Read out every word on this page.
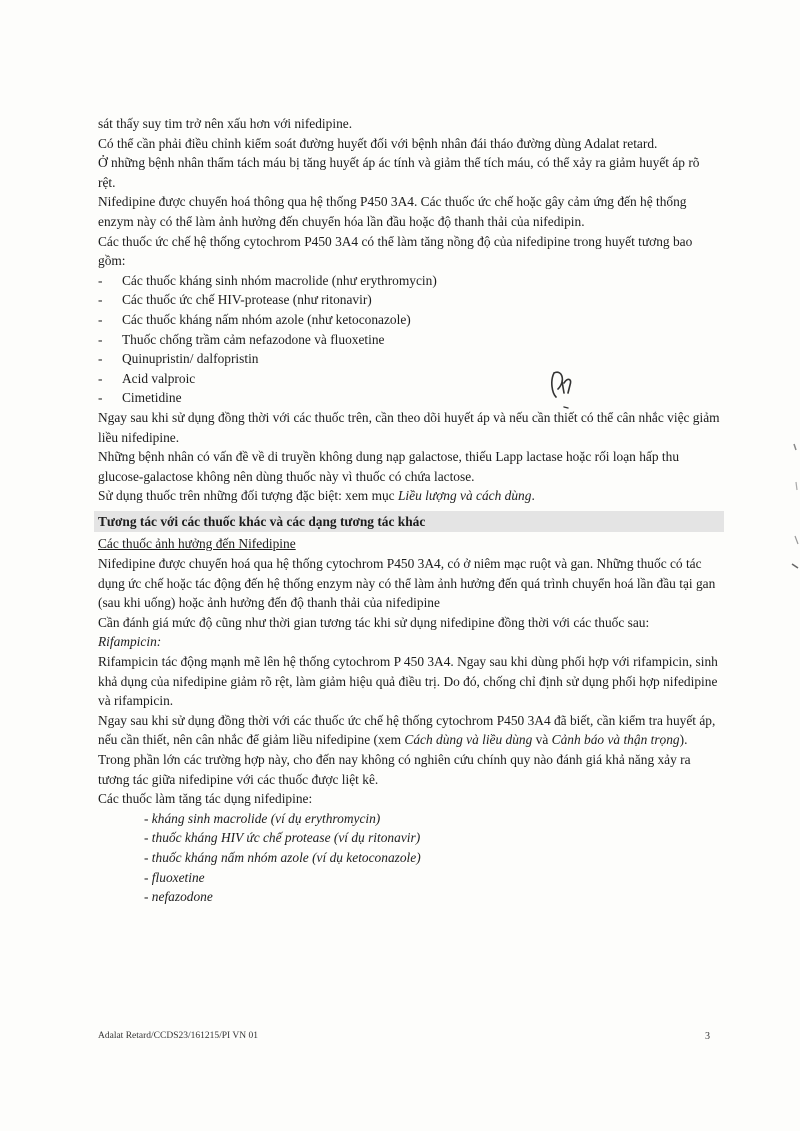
sát thấy suy tim trở nên xấu hơn với nifedipine.

Có thể cần phải điều chỉnh kiểm soát đường huyết đối với bệnh nhân đái tháo đường dùng Adalat retard.

Ở những bệnh nhân thẩm tách máu bị tăng huyết áp ác tính và giảm thể tích máu, có thể xảy ra giảm huyết áp rõ rệt.

Nifedipine được chuyển hoá thông qua hệ thống P450 3A4. Các thuốc ức chế hoặc gây cảm ứng đến hệ thống enzym này có thể làm ảnh hưởng đến chuyển hóa lần đầu hoặc độ thanh thải của nifedipin.

Các thuốc ức chế hệ thống cytochrom P450 3A4 có thể làm tăng nồng độ của nifedipine trong huyết tương bao gồm:

- Các thuốc kháng sinh nhóm macrolide (như erythromycin)
- Các thuốc ức chế HIV-protease (như ritonavir)
- Các thuốc kháng nấm nhóm azole (như ketoconazole)
- Thuốc chống trầm cảm nefazodone và fluoxetine
- Quinupristin/ dalfopristin
- Acid valproic
- Cimetidine

Ngay sau khi sử dụng đồng thời với các thuốc trên, cần theo dõi huyết áp và nếu cần thiết có thể cân nhắc việc giảm liều nifedipine.

Những bệnh nhân có vấn đề về di truyền không dung nạp galactose, thiếu Lapp lactase hoặc rối loạn hấp thu glucose-galactose không nên dùng thuốc này vì thuốc có chứa lactose.

Sử dụng thuốc trên những đối tượng đặc biệt: xem mục Liều lượng và cách dùng.

Tương tác với các thuốc khác và các dạng tương tác khác

Các thuốc ảnh hưởng đến Nifedipine

Nifedipine được chuyển hoá qua hệ thống cytochrom P450 3A4, có ở niêm mạc ruột và gan. Những thuốc có tác dụng ức chế hoặc tác động đến hệ thống enzym này có thể làm ảnh hưởng đến quá trình chuyển hoá lần đầu tại gan (sau khi uống) hoặc ảnh hưởng đến độ thanh thải của nifedipine

Cần đánh giá mức độ cũng như thời gian tương tác khi sử dụng nifedipine đồng thời với các thuốc sau:

Rifampicin:

Rifampicin tác động mạnh mẽ lên hệ thống cytochrom P 450 3A4. Ngay sau khi dùng phối hợp với rifampicin, sinh khả dụng của nifedipine giảm rõ rệt, làm giảm hiệu quả điều trị. Do đó, chống chỉ định sử dụng phối hợp nifedipine và rifampicin.

Ngay sau khi sử dụng đồng thời với các thuốc ức chế hệ thống cytochrom P450 3A4 đã biết, cần kiểm tra huyết áp, nếu cần thiết, nên cân nhắc để giảm liều nifedipine (xem Cách dùng và liều dùng và Cảnh báo và thận trọng). Trong phần lớn các trường hợp này, cho đến nay không có nghiên cứu chính quy nào đánh giá khả năng xảy ra tương tác giữa nifedipine với các thuốc được liệt kê.

Các thuốc làm tăng tác dụng nifedipine:

- kháng sinh macrolide (ví dụ erythromycin)
- thuốc kháng HIV ức chế protease (ví dụ ritonavir)
- thuốc kháng nấm nhóm azole (ví dụ ketoconazole)
- fluoxetine
- nefazodone
Adalat Retard/CCDS23/161215/PI VN 01	3
